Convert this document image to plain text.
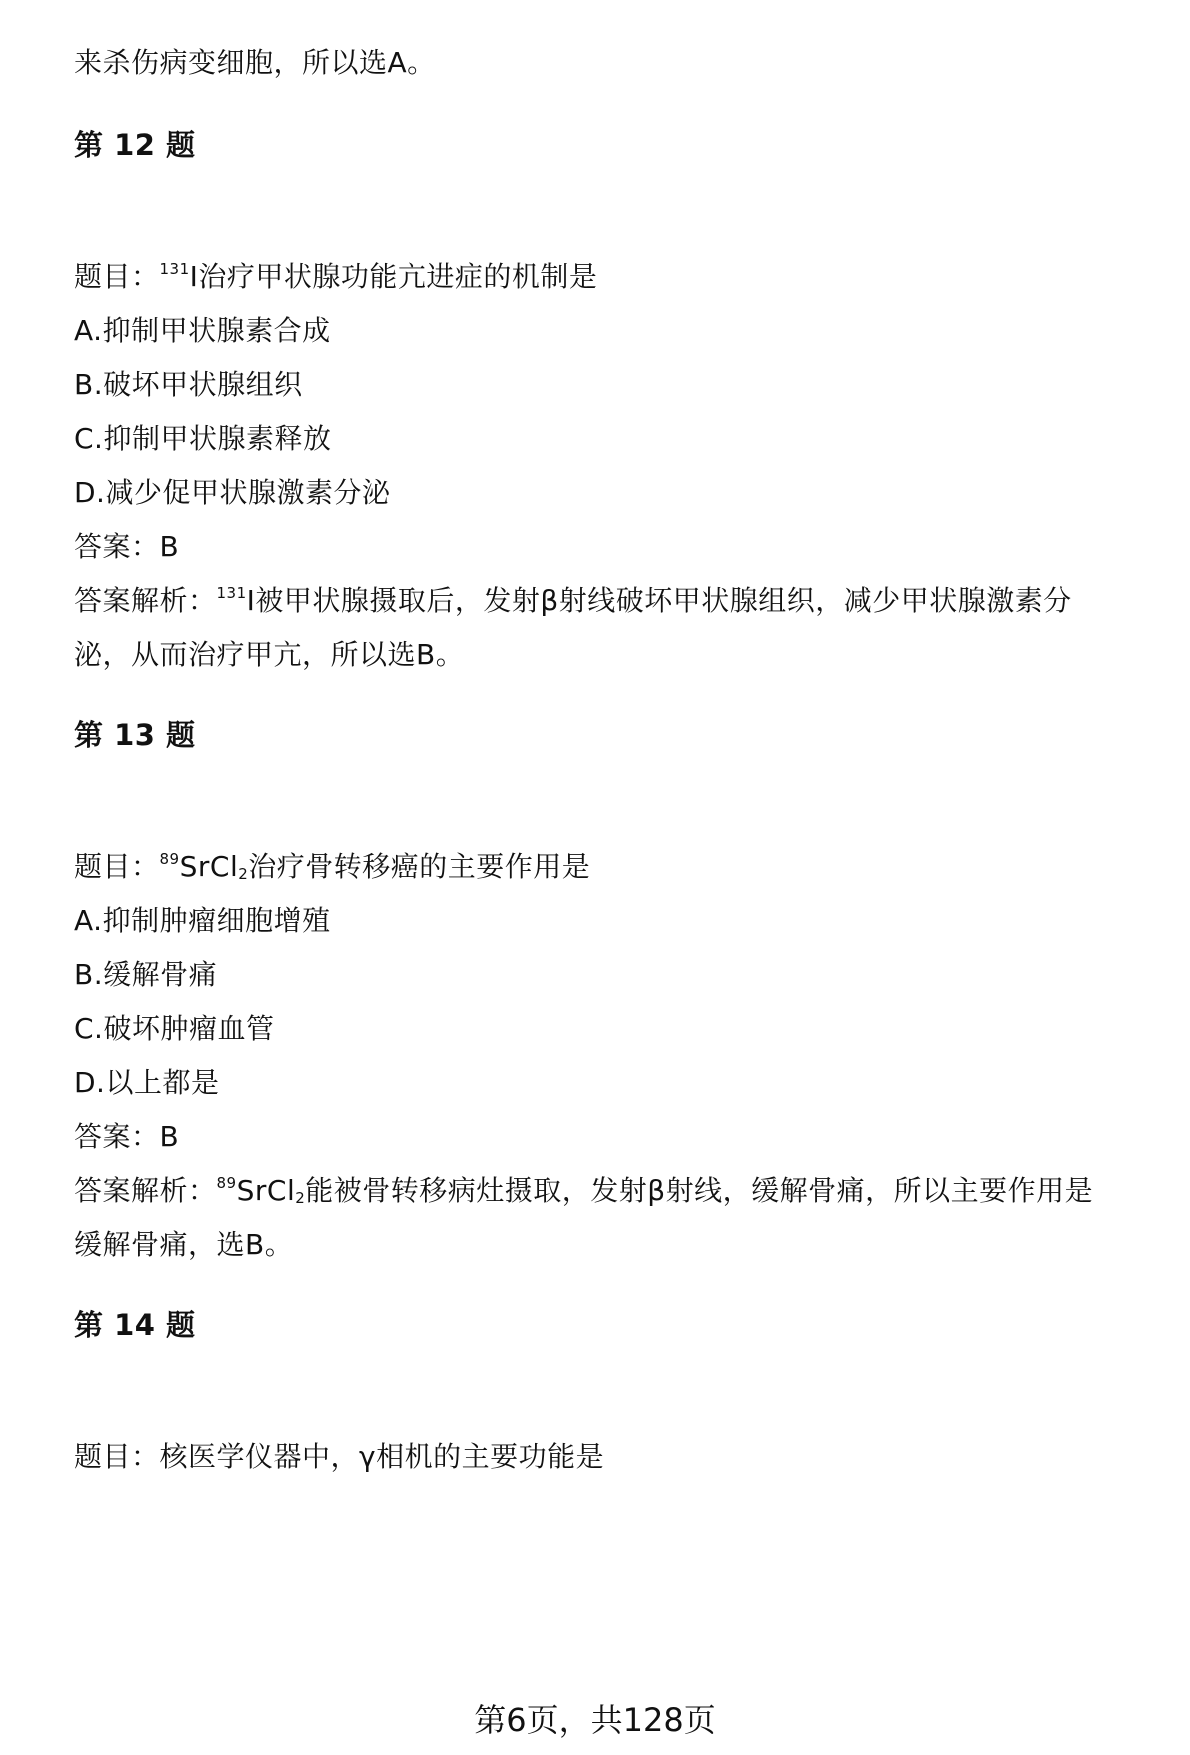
来杀伤病变细胞，所以选A。
第 12 题
题目：$^{131}$I治疗甲状腺功能亢进症的机制是
A.抑制甲状腺素合成
B.破坏甲状腺组织
C.抑制甲状腺素释放
D.减少促甲状腺激素分泌
答案：B
答案解析：$^{131}$I被甲状腺摄取后，发射β射线破坏甲状腺组织，减少甲状腺激素分
泌，从而治疗甲亢，所以选B。
第 13 题
题目：$^{89}$SrCl$_2$治疗骨转移癌的主要作用是
A.抑制肿瘤细胞增殖
B.缓解骨痛
C.破坏肿瘤血管
D.以上都是
答案：B
答案解析：$^{89}$SrCl$_2$能被骨转移病灶摄取，发射β射线，缓解骨痛，所以主要作用是
缓解骨痛，选B。
第 14 题
题目：核医学仪器中，γ相机的主要功能是
第6页，共128页
